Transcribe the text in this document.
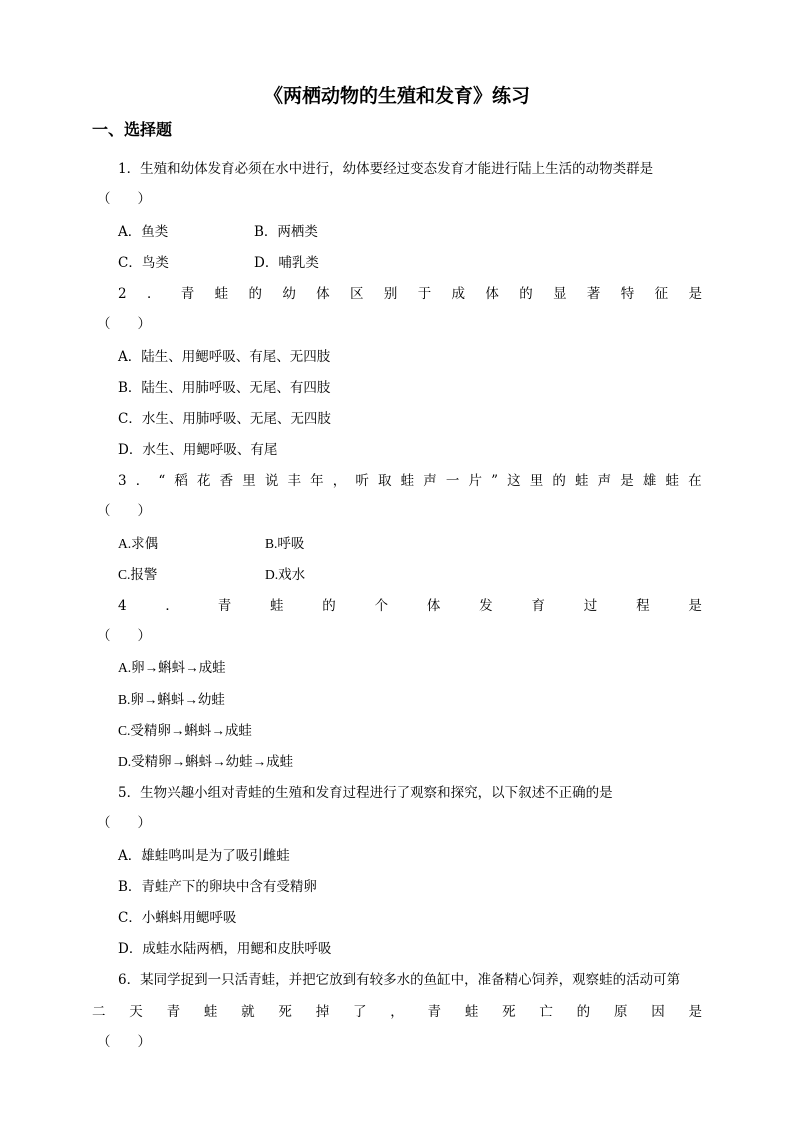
《两栖动物的生殖和发育》练习
一、选择题
1．生殖和幼体发育必须在水中进行，幼体要经过变态发育才能进行陆上生活的动物类群是
（　　）
A．鱼类	B．两栖类
C．鸟类	D．哺乳类
2 ． 青 蛙 的 幼 体 区 别 于 成 体 的 显 著 特 征 是
（　　）
A．陆生、用鳃呼吸、有尾、无四肢
B．陆生、用肺呼吸、无尾、有四肢
C．水生、用肺呼吸、无尾、无四肢
D．水生、用鳃呼吸、有尾
3 ． “ 稻 花 香 里 说 丰 年 ， 听 取 蛙 声 一 片 ” 这 里 的 蛙 声 是 雄 蛙 在
（　　）
A.求偶	B.呼吸
C.报警	D.戏水
4	．	青	蛙	的	个	体	发	育	过	程	是
（　　）
A.卵→蝌蚪→成蛙
B.卵→蝌蚪→幼蛙
C.受精卵→蝌蚪→成蛙
D.受精卵→蝌蚪→幼蛙→成蛙
5．生物兴趣小组对青蛙的生殖和发育过程进行了观察和探究，以下叙述不正确的是
（　　）
A．雄蛙鸣叫是为了吸引雌蛙
B．青蛙产下的卵块中含有受精卵
C．小蝌蚪用鳃呼吸
D．成蛙水陆两栖，用鳃和皮肤呼吸
6．某同学捉到一只活青蛙，并把它放到有较多水的鱼缸中，准备精心饲养，观察蛙的活动可第
二 天 青 蛙 就 死 掉 了 ， 青 蛙 死 亡 的 原 因 是
（　　）
